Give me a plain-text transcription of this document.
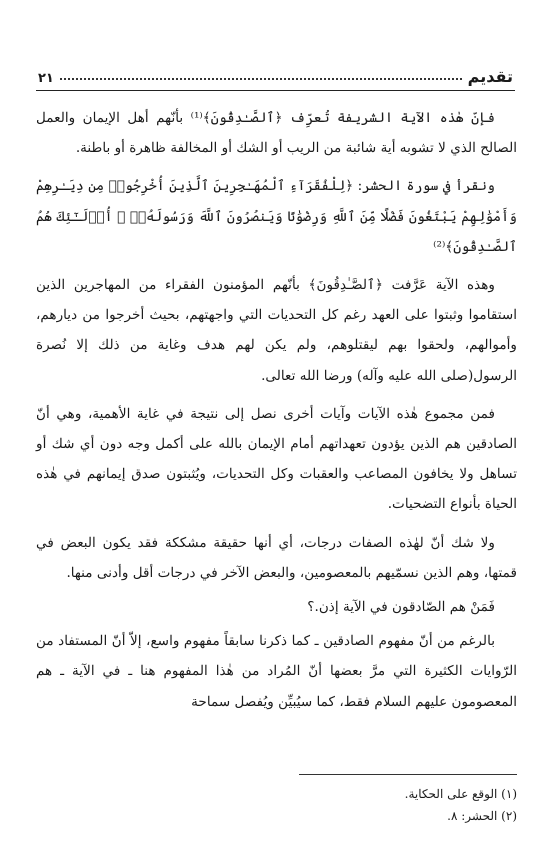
تقديم
٢١

فإنّ هٰذه الآية الشريفة تُعرِّف ﴿ٱلصَّـٰدِقُونَ﴾⁽¹⁾ بأنّهم أهل الإيمان والعمل الصالح الذي لا تشوبه أية شائبة من الريب أو الشك أو المخالفة ظاهرة أو باطنة.

ونقرأ في سورة الحشر: ﴿لِلْفُقَرَآءِ ٱلْمُهَـٰجِرِينَ ٱلَّذِينَ أُخْرِجُوا۟ مِن دِيَـٰرِهِمْ وَأَمْوَٰلِهِمْ يَبْتَغُونَ فَضْلًا مِّنَ ٱللَّهِ وَرِضْوَٰنًا وَيَنصُرُونَ ٱللَّهَ وَرَسُولَهُۥٓ ۚ أُو۟لَـٰٓئِكَ هُمُ ٱلصَّـٰدِقُونَ﴾⁽²⁾

وهذه الآية عَرَّفت ﴿ٱلصَّـٰدِقُونَ﴾ بأنّهم المؤمنون الفقراء من المهاجرين الذين استقاموا وثبتوا على العهد رغم كل التحديات التي واجهتهم، بحيث أخرجوا من ديارهم، وأموالهم، ولحقوا بهم ليقتلوهم، ولم يكن لهم هدف وغاية من ذلك إلا نُصرة الرسول(صلى الله عليه وآله) ورضا الله تعالى.

فمن مجموع هٰذه الآيات وآيات أخرى نصل إلى نتيجة في غاية الأهمية، وهي أنّ الصادقين هم الذين يؤدون تعهداتهم أمام الإيمان بالله على أكمل وجه دون أي شك أو تساهل ولا يخافون المصاعب والعقبات وكل التحديات، ويُثبتون صدق إيمانهم في هٰذه الحياة بأنواع التضحيات.

ولا شك أنّ لهٰذه الصفات درجات، أي أنها حقيقة مشككة فقد يكون البعض في قمتها، وهم الذين نسمّيهم بالمعصومين، والبعض الآخر في درجات أقل وأدنى منها.

فَمَنْ هم الصّادقون في الآية إذن.؟

بالرغم من أنّ مفهوم الصادقين ـ كما ذكرنا سابقاً مفهوم واسع، إلاّ أنّ المستفاد من الرّوايات الكثيرة التي مرَّ بعضها أنّ المُراد من هٰذا المفهوم هنا ـ في الآية ـ هم المعصومون عليهم السلام فقط، كما سيُبيِّن ويُفصل سماحة

(١) الوقع على الحكاية.

(٢) الحشر: ٨.
